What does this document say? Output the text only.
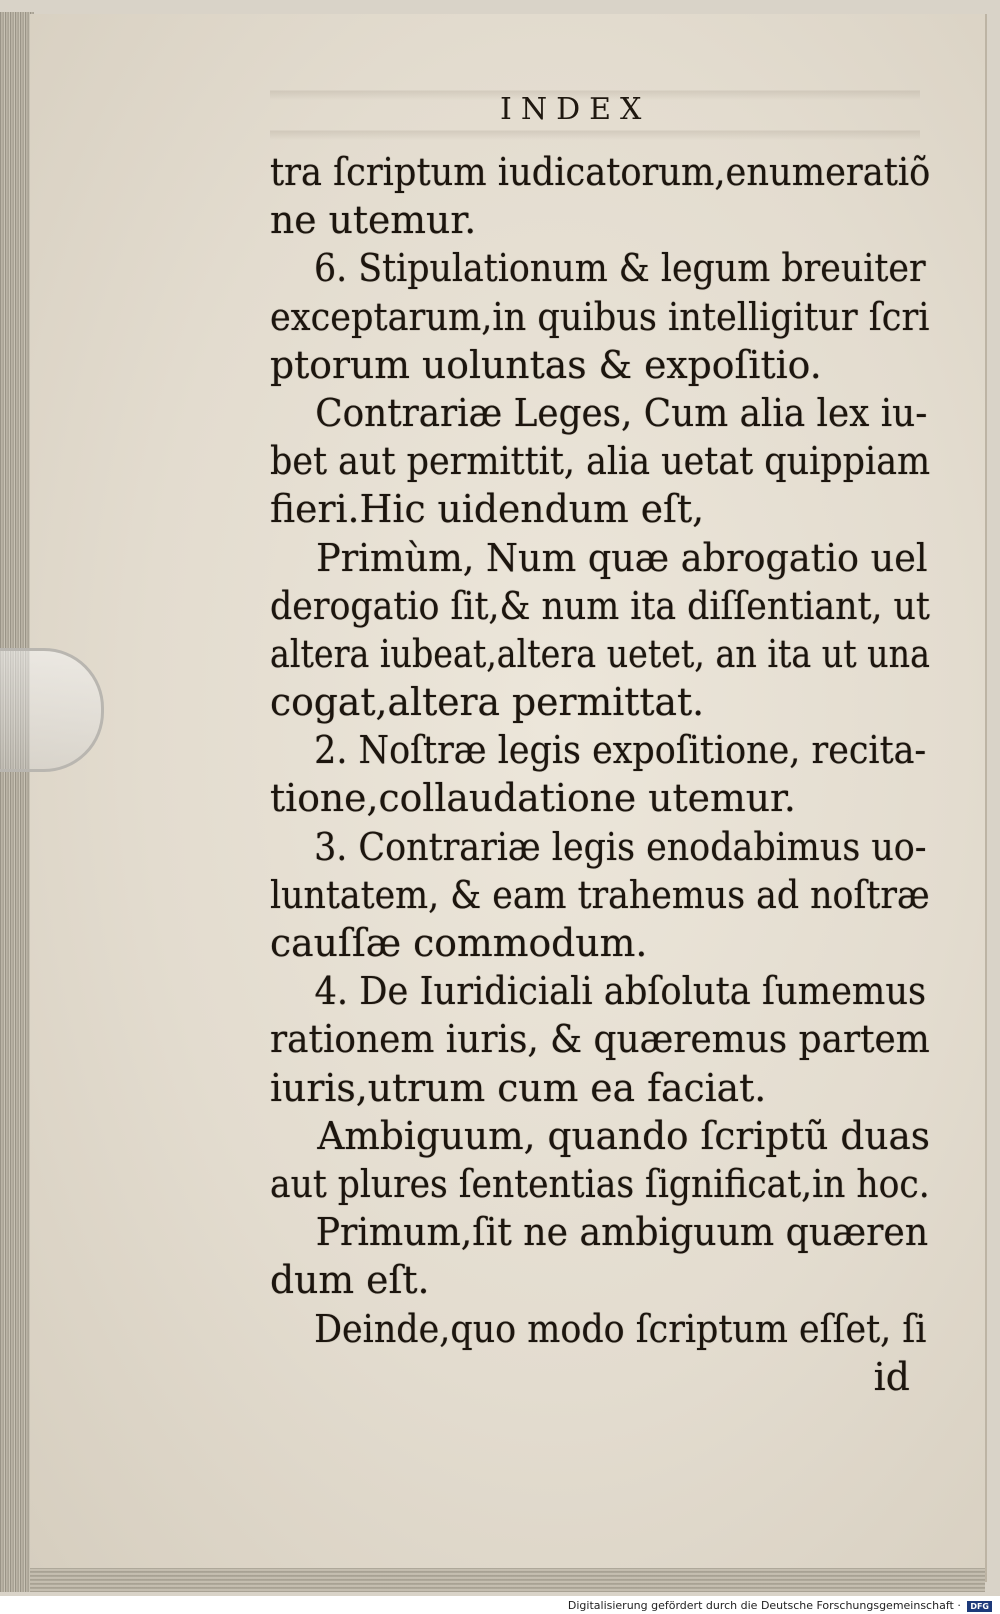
INDEX
tra ſcriptum iudicatorum,enumeratiõ
ne utemur.
6. Stipulationum & legum breuiter
exceptarum,in quibus intelligitur ſcri
ptorum uoluntas & expoſitio.
Contrariæ Leges, Cum alia lex iu-
bet aut permittit, alia uetat quippiam
fieri.Hic uidendum eſt,
Primùm, Num quæ abrogatio uel
derogatio ſit,& num ita diſſentiant, ut
altera iubeat,altera uetet, an ita ut una
cogat,altera permittat.
2. Noſtræ legis expoſitione, recita-
tione,collaudatione utemur.
3. Contrariæ legis enodabimus uo-
luntatem, & eam trahemus ad noſtræ
cauſſæ commodum.
4. De Iuridiciali abſoluta ſumemus
rationem iuris, & quæremus partem
iuris,utrum cum ea faciat.
Ambiguum, quando ſcriptũ duas
aut plures ſententias ſignificat,in hoc.
Primum,ſit ne ambiguum quæren
dum eſt.
Deinde,quo modo ſcriptum eſſet, ſi
id
Digitalisierung gefördert durch die Deutsche Forschungsgemeinschaft · DFG
